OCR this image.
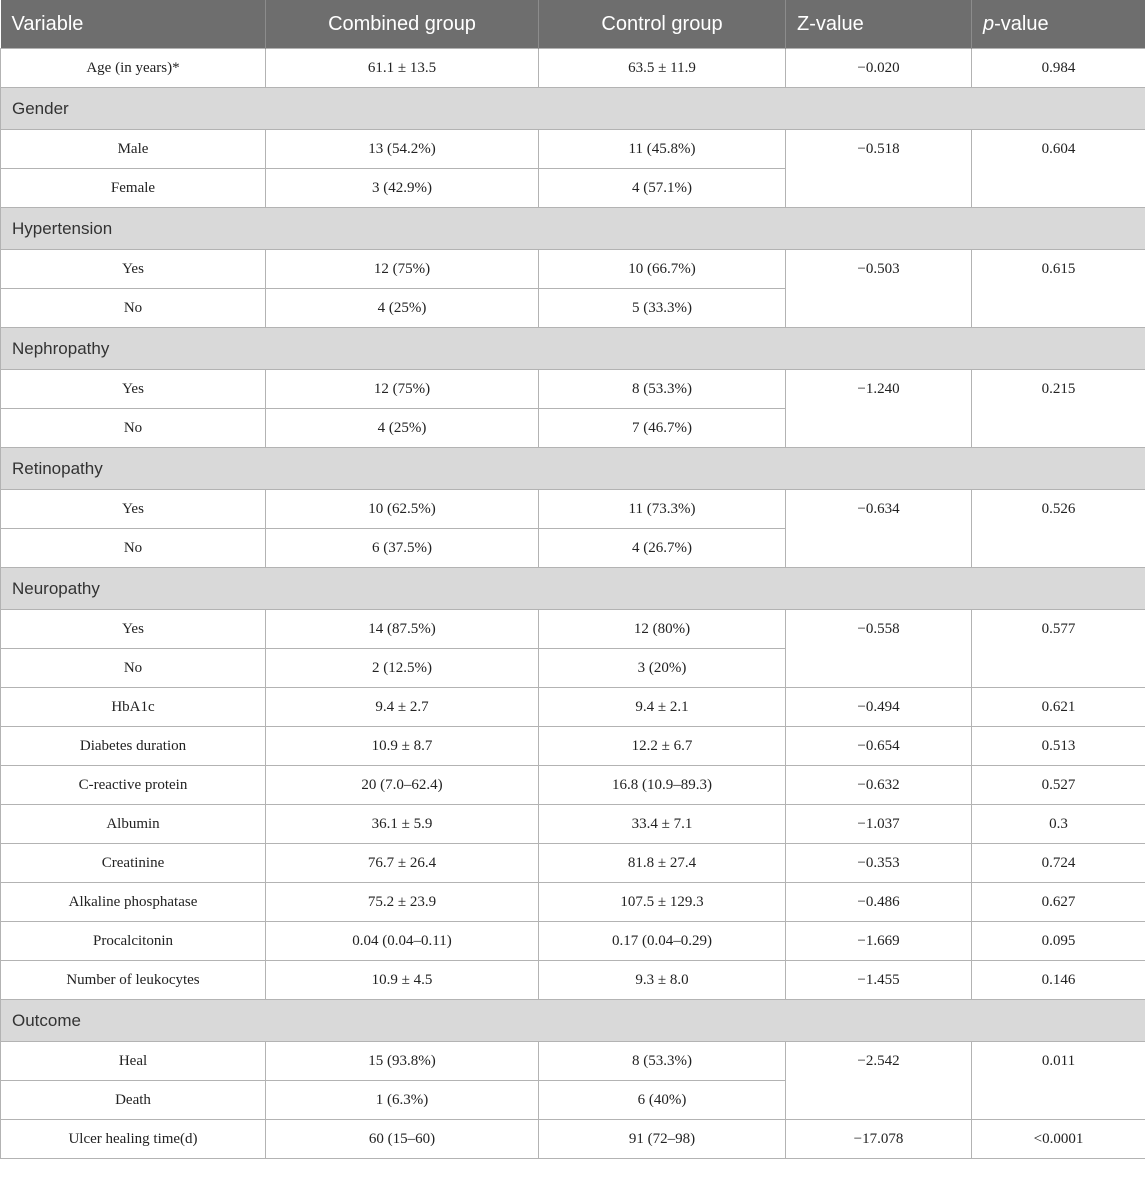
Variable	Combined group	Control group	Z-value	p-value
Age (in years)*	61.1 ± 13.5	63.5 ± 11.9	−0.020	0.984
Gender				
Male	13 (54.2%)	11 (45.8%)	−0.518	0.604
Female	3 (42.9%)	4 (57.1%)		
Hypertension				
Yes	12 (75%)	10 (66.7%)	−0.503	0.615
No	4 (25%)	5 (33.3%)		
Nephropathy				
Yes	12 (75%)	8 (53.3%)	−1.240	0.215
No	4 (25%)	7 (46.7%)		
Retinopathy				
Yes	10 (62.5%)	11 (73.3%)	−0.634	0.526
No	6 (37.5%)	4 (26.7%)		
Neuropathy				
Yes	14 (87.5%)	12 (80%)	−0.558	0.577
No	2 (12.5%)	3 (20%)		
HbA1c	9.4 ± 2.7	9.4 ± 2.1	−0.494	0.621
Diabetes duration	10.9 ± 8.7	12.2 ± 6.7	−0.654	0.513
C-reactive protein	20 (7.0–62.4)	16.8 (10.9–89.3)	−0.632	0.527
Albumin	36.1 ± 5.9	33.4 ± 7.1	−1.037	0.3
Creatinine	76.7 ± 26.4	81.8 ± 27.4	−0.353	0.724
Alkaline phosphatase	75.2 ± 23.9	107.5 ± 129.3	−0.486	0.627
Procalcitonin	0.04 (0.04–0.11)	0.17 (0.04–0.29)	−1.669	0.095
Number of leukocytes	10.9 ± 4.5	9.3 ± 8.0	−1.455	0.146
Outcome				
Heal	15 (93.8%)	8 (53.3%)	−2.542	0.011
Death	1 (6.3%)	6 (40%)		
Ulcer healing time(d)	60 (15–60)	91 (72–98)	−17.078	<0.0001
